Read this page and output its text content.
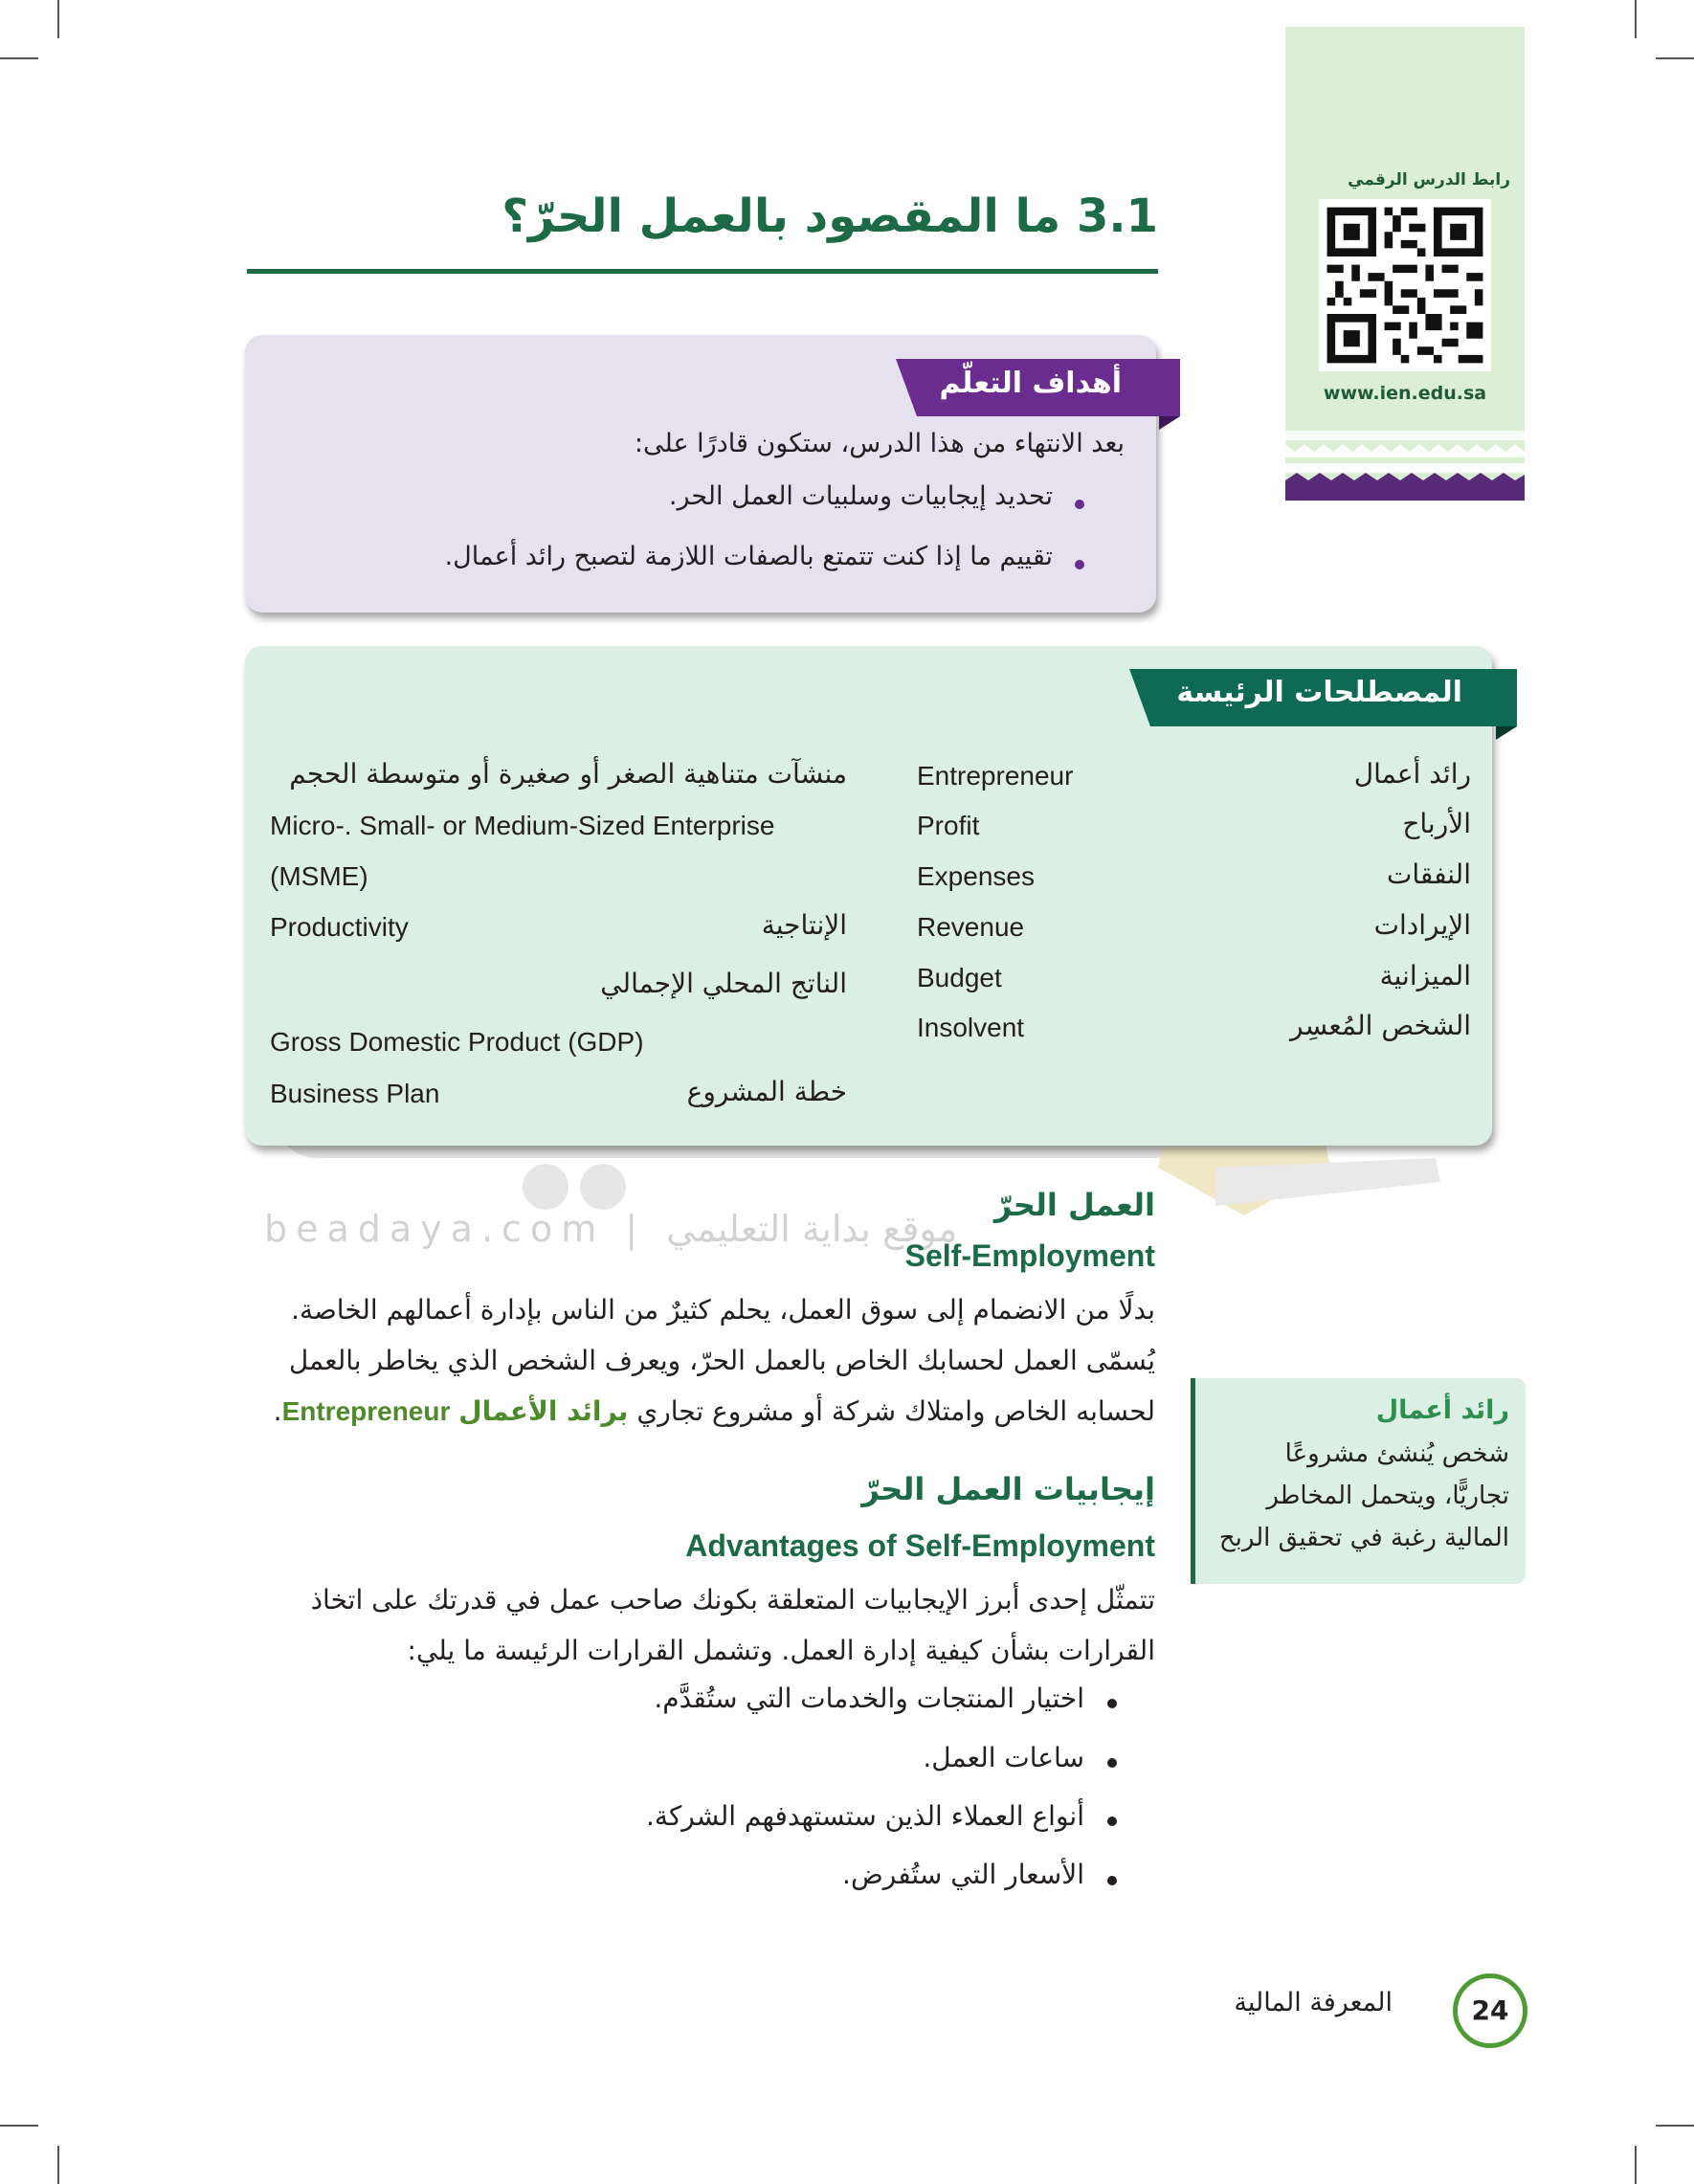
رابط الدرس الرقمي
www.ien.edu.sa
3.1 ما المقصود بالعمل الحرّ؟
أهداف التعلّم
بعد الانتهاء من هذا الدرس، ستكون قادرًا على:
تحديد إيجابيات وسلبيات العمل الحر.
تقييم ما إذا كنت تتمتع بالصفات اللازمة لتصبح رائد أعمال.
المصطلحات الرئيسة
رائد أعمال
Entrepreneur
الأرباح
Profit
النفقات
Expenses
الإيرادات
Revenue
الميزانية
Budget
الشخص المُعسِر
Insolvent
منشآت متناهية الصغر أو صغيرة أو متوسطة الحجم
Micro-. Small- or Medium-Sized Enterprise
(MSME)
Productivity	الإنتاجية
الناتج المحلي الإجمالي
Gross Domestic Product (GDP)
Business Plan	خطة المشروع
beadaya.com | موقع بداية التعليمي
العمل الحرّ
Self-Employment
بدلًا من الانضمام إلى سوق العمل، يحلم كثيرٌ من الناس بإدارة أعمالهم الخاصة.
يُسمّى العمل لحسابك الخاص بالعمل الحرّ، ويعرف الشخص الذي يخاطر بالعمل
لحسابه الخاص وامتلاك شركة أو مشروع تجاري برائد الأعمال Entrepreneur.
إيجابيات العمل الحرّ
Advantages of Self-Employment
تتمثّل إحدى أبرز الإيجابيات المتعلقة بكونك صاحب عمل في قدرتك على اتخاذ
القرارات بشأن كيفية إدارة العمل. وتشمل القرارات الرئيسة ما يلي:
اختيار المنتجات والخدمات التي ستُقدَّم.
ساعات العمل.
أنواع العملاء الذين ستستهدفهم الشركة.
الأسعار التي ستُفرض.
رائد أعمال
شخص يُنشئ مشروعًا
تجاريًّا، ويتحمل المخاطر
المالية رغبة في تحقيق الربح
24
المعرفة المالية
